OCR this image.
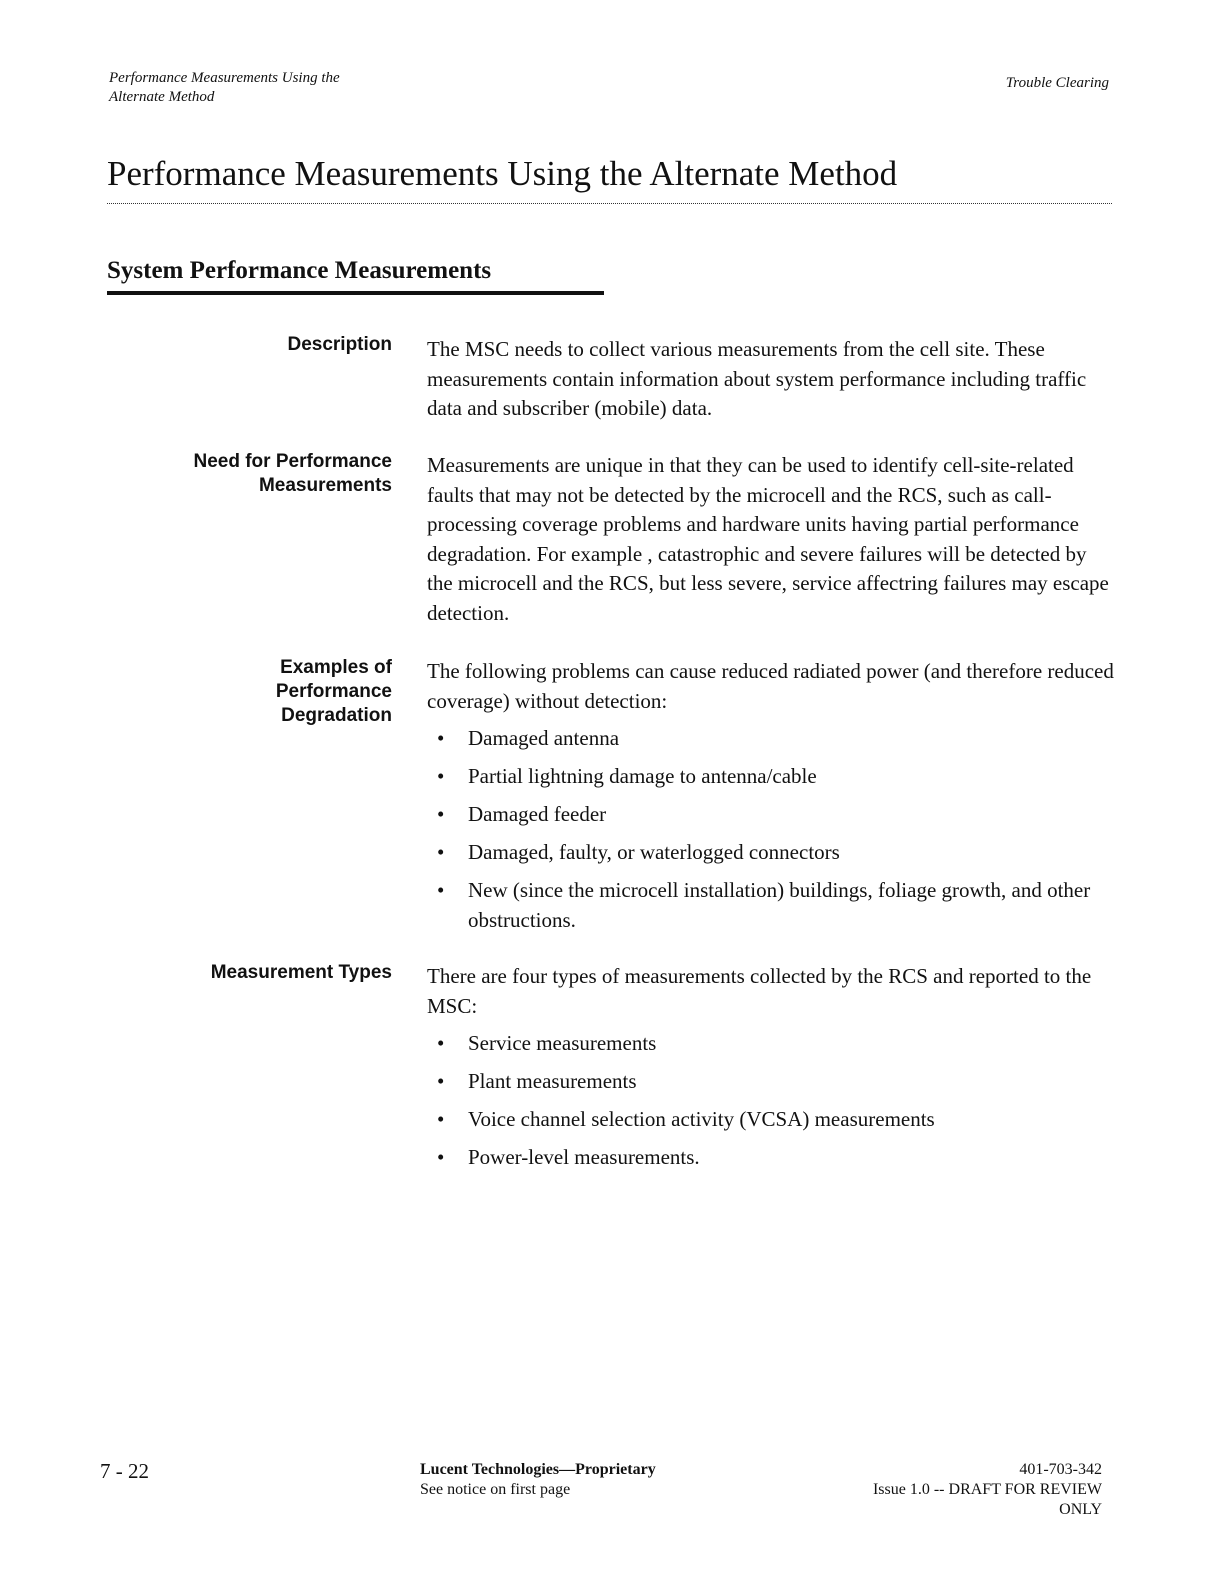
Performance Measurements Using the
Alternate Method
Trouble Clearing
Performance Measurements Using the Alternate Method
System Performance Measurements
Description The MSC needs to collect various measurements from the cell site. These measurements contain information about system performance including traffic data and subscriber (mobile) data.

Need for Performance
Measurements

Measurements are unique in that they can be used to identify cell-site-related faults that may not be detected by the microcell and the RCS, such as call-processing coverage problems and hardware units having partial performance degradation. For example , catastrophic and severe failures will be detected by the microcell and the RCS, but less severe, service affectring failures may escape detection.

Examples of
Performance
Degradation

The following problems can cause reduced radiated power (and therefore reduced coverage) without detection:

• Damaged antenna
• Partial lightning damage to antenna/cable
• Damaged feeder
• Damaged, faulty, or waterlogged connectors
• New (since the microcell installation) buildings, foliage growth, and other obstructions.
Measurement Types There are four types of measurements collected by the RCS and reported to the MSC:

• Service measurements
• Plant measurements
• Voice channel selection activity (VCSA) measurements
• Power-level measurements.
7 - 22	Lucent Technologies—Proprietary
See notice on first page
401-703-342
Issue 1.0 -- DRAFT FOR REVIEW
ONLY
